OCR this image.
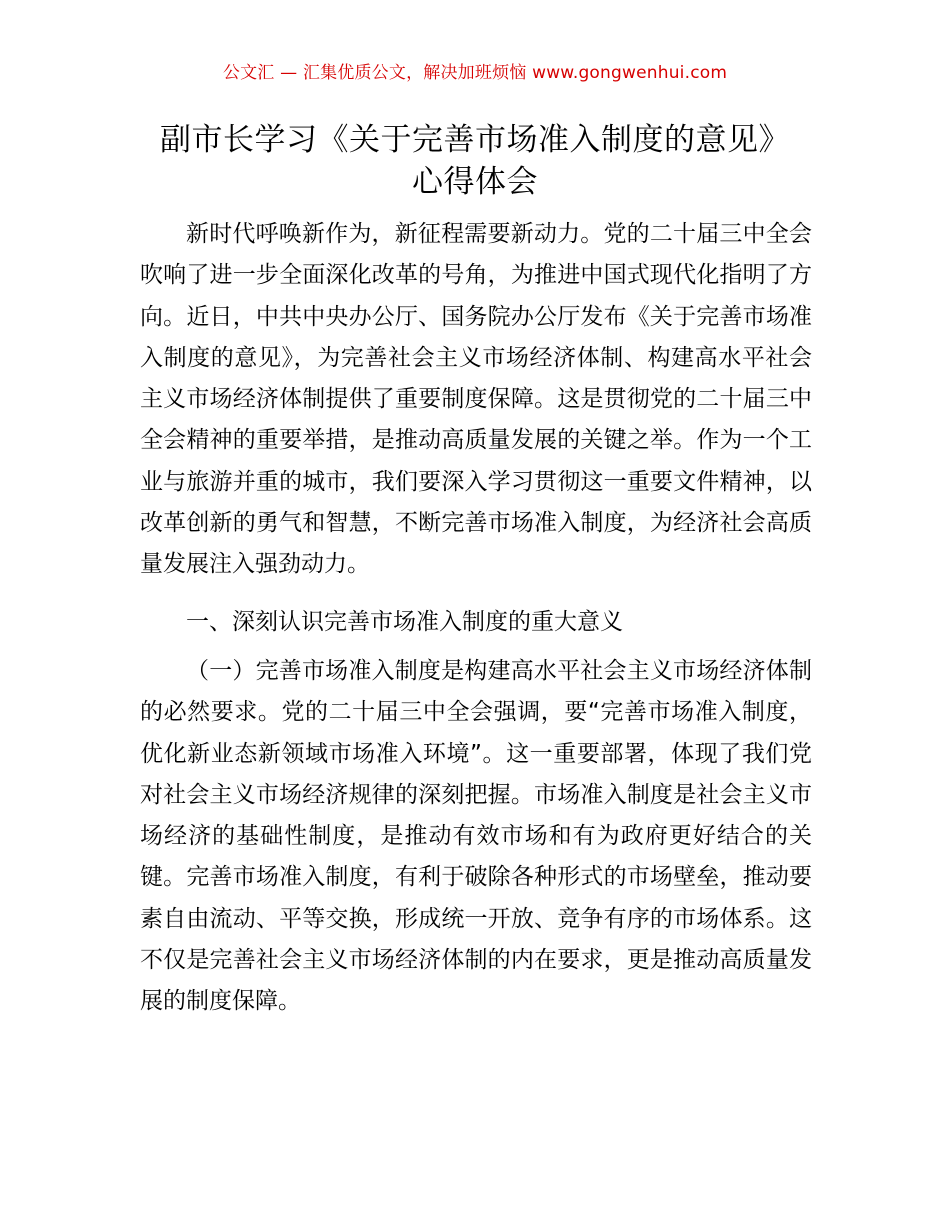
公文汇 — 汇集优质公文，解决加班烦恼 www.gongwenhui.com
副市长学习《关于完善市场准入制度的意见》
心得体会

新时代呼唤新作为，新征程需要新动力。党的二十届三中全会吹响了进一步全面深化改革的号角，为推进中国式现代化指明了方向。近日，中共中央办公厅、国务院办公厅发布《关于完善市场准入制度的意见》，为完善社会主义市场经济体制、构建高水平社会主义市场经济体制提供了重要制度保障。这是贯彻党的二十届三中全会精神的重要举措，是推动高质量发展的关键之举。作为一个工业与旅游并重的城市，我们要深入学习贯彻这一重要文件精神，以改革创新的勇气和智慧，不断完善市场准入制度，为经济社会高质量发展注入强劲动力。

一、深刻认识完善市场准入制度的重大意义

（一）完善市场准入制度是构建高水平社会主义市场经济体制的必然要求。党的二十届三中全会强调，要“完善市场准入制度，优化新业态新领域市场准入环境”。这一重要部署，体现了我们党对社会主义市场经济规律的深刻把握。市场准入制度是社会主义市场经济的基础性制度，是推动有效市场和有为政府更好结合的关键。完善市场准入制度，有利于破除各种形式的市场壁垒，推动要素自由流动、平等交换，形成统一开放、竞争有序的市场体系。这不仅是完善社会主义市场经济体制的内在要求，更是推动高质量发展的制度保障。
